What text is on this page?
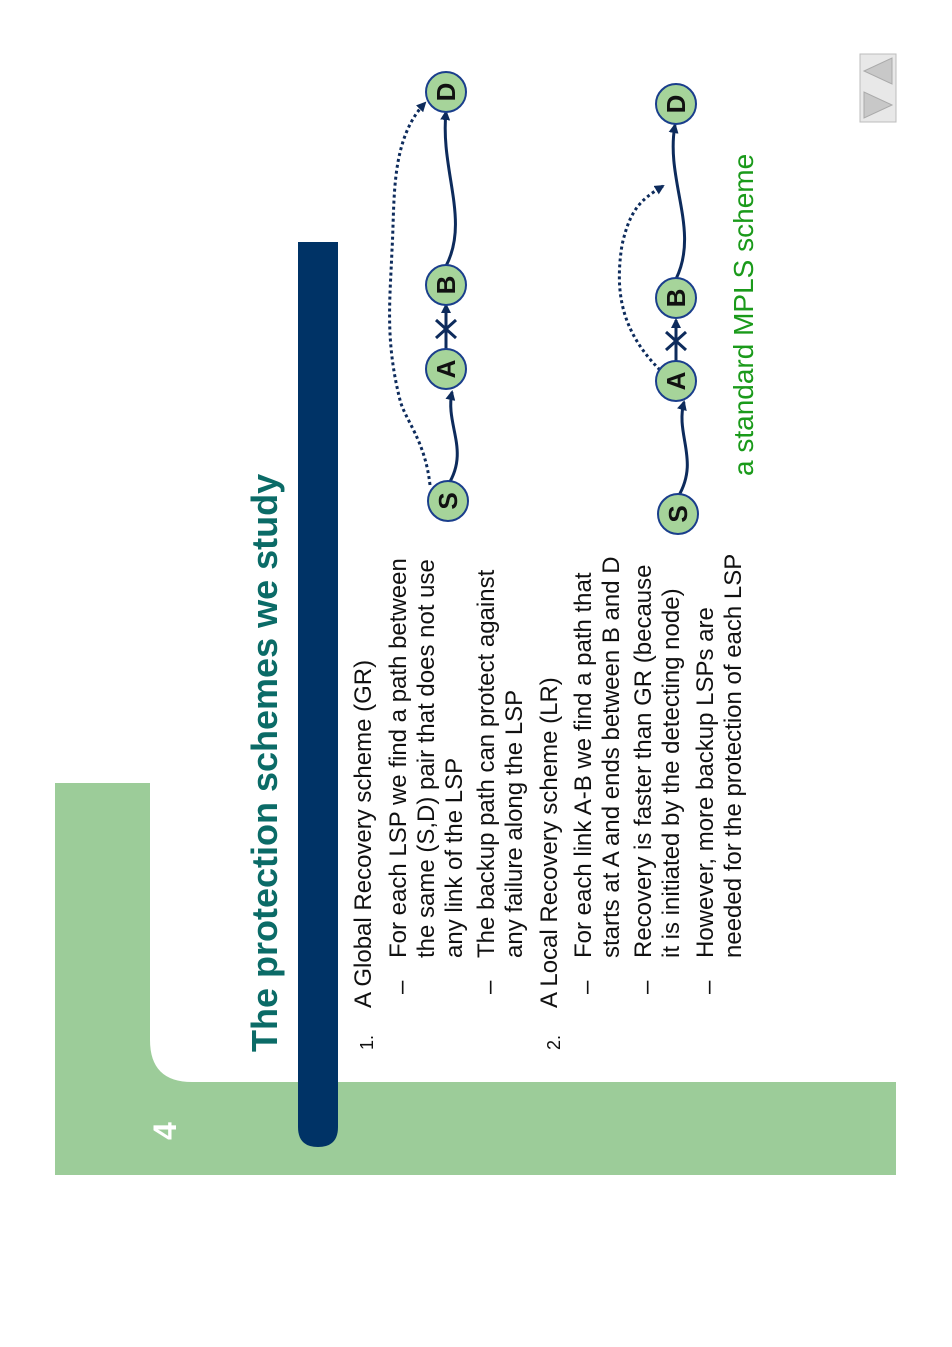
S
A
B
D
S
A
B
D
4
The protection schemes we study	1.
A Global Recovery scheme (GR) –
For each LSP we find a path between the same (S,D) pair that does not use any link of the LSP
–
The backup path can protect against any failure along the LSP
2.
A Local Recovery scheme (LR) –
For each link A-B we find a path that starts at A and ends between B and D
–
Recovery is faster than GR (because it is initiated by the detecting node)
–
However, more backup LSPs are needed for the protection of each LSP
a standard MPLS scheme
